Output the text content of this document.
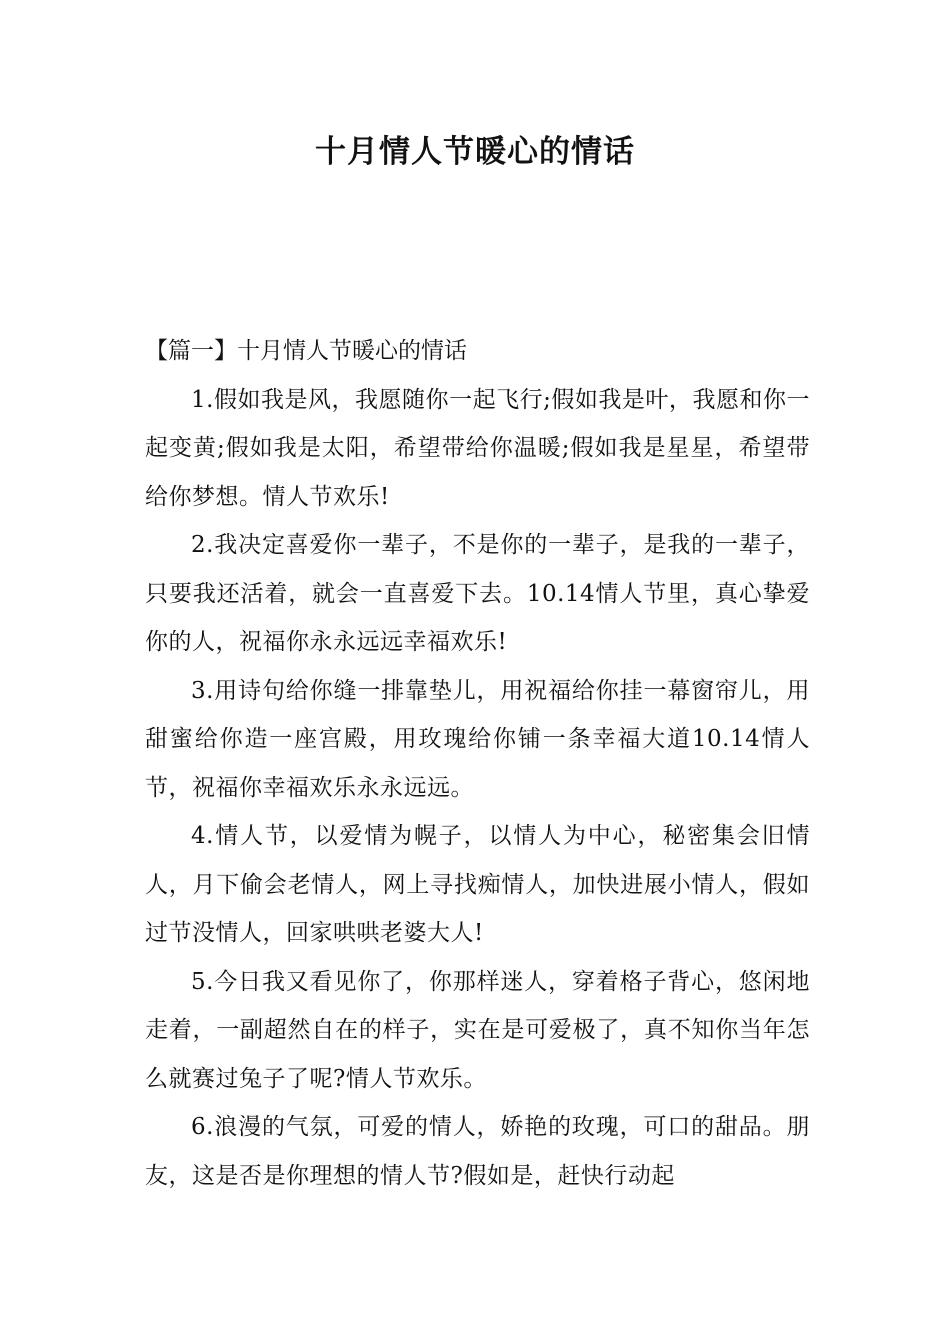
十月情人节暖心的情话

【篇一】十月情人节暖心的情话

1.假如我是风，我愿随你一起飞行;假如我是叶，我愿和你一起变黄;假如我是太阳，希望带给你温暖;假如我是星星，希望带给你梦想。情人节欢乐!

2.我决定喜爱你一辈子，不是你的一辈子，是我的一辈子，只要我还活着，就会一直喜爱下去。10.14情人节里，真心挚爱你的人，祝福你永永远远幸福欢乐!

3.用诗句给你缝一排靠垫儿，用祝福给你挂一幕窗帘儿，用甜蜜给你造一座宫殿，用玫瑰给你铺一条幸福大道10.14情人节，祝福你幸福欢乐永永远远。

4.情人节，以爱情为幌子，以情人为中心，秘密集会旧情人，月下偷会老情人，网上寻找痴情人，加快进展小情人，假如过节没情人，回家哄哄老婆大人!

5.今日我又看见你了，你那样迷人，穿着格子背心，悠闲地走着，一副超然自在的样子，实在是可爱极了，真不知你当年怎么就赛过兔子了呢?情人节欢乐。

6.浪漫的气氛，可爱的情人，娇艳的玫瑰，可口的甜品。朋友，这是否是你理想的情人节?假如是，赶快行动起
